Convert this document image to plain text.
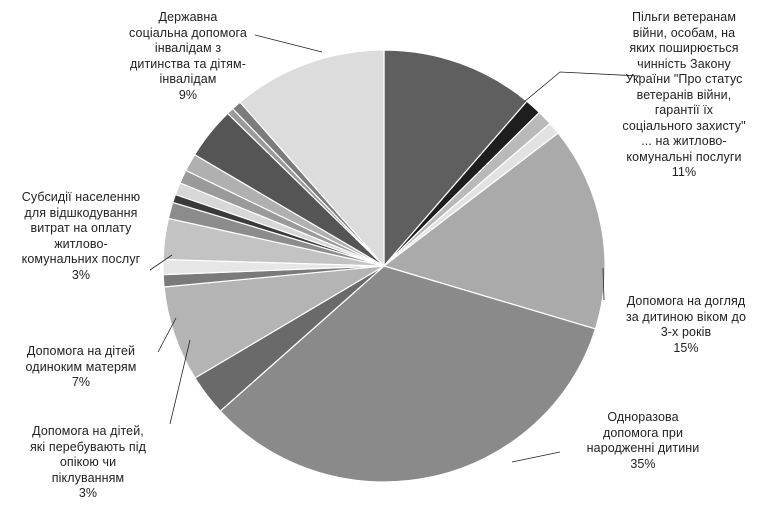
Пільги ветеранам
війни, особам, на
яких поширюється
чинність Закону
України "Про статус
ветеранів війни,
гарантії їх
соціального захисту"
... на житлово-
комунальні послуги
11%
Допомога на догляд
за дитиною віком до
3-х років
15%
Одноразова
допомога при
народженні дитини
35%
Допомога на дітей,
які перебувають під
опікою чи
піклуванням
3%
Допомога на дітей
одиноким матерям
7%
Субсидії населенню
для відшкодування
витрат на оплату
житлово-
комунальних послуг
3%
Державна
соціальна допомога
інвалідам з
дитинства та дітям-
інвалідам
9%
